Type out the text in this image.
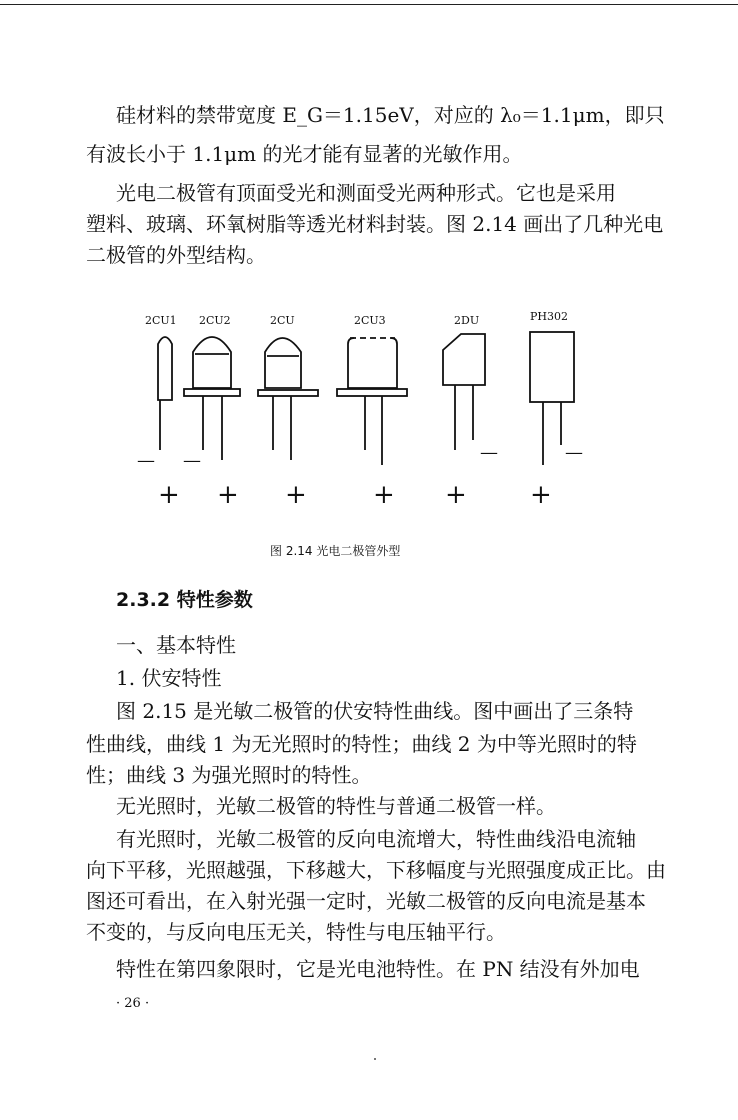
硅材料的禁带宽度 E_G＝1.15eV，对应的 λ₀＝1.1μm，即只
有波长小于 1.1μm 的光才能有显著的光敏作用。
光电二极管有顶面受光和测面受光两种形式。它也是采用
塑料、玻璃、环氧树脂等透光材料封装。图 2.14 画出了几种光电
二极管的外型结构。
2CU1 2CU2	2CU	2CU3	2DU	PH302
— —	—	—
+ + +	+ + +
图 2.14 光电二极管外型
2.3.2 特性参数
一、基本特性
1. 伏安特性
图 2.15 是光敏二极管的伏安特性曲线。图中画出了三条特
性曲线，曲线 1 为无光照时的特性；曲线 2 为中等光照时的特
性；曲线 3 为强光照时的特性。
无光照时，光敏二极管的特性与普通二极管一样。
有光照时，光敏二极管的反向电流增大，特性曲线沿电流轴
向下平移，光照越强，下移越大，下移幅度与光照强度成正比。由
图还可看出，在入射光强一定时，光敏二极管的反向电流是基本
不变的，与反向电压无关，特性与电压轴平行。
特性在第四象限时，它是光电池特性。在 PN 结没有外加电
· 26 ·
